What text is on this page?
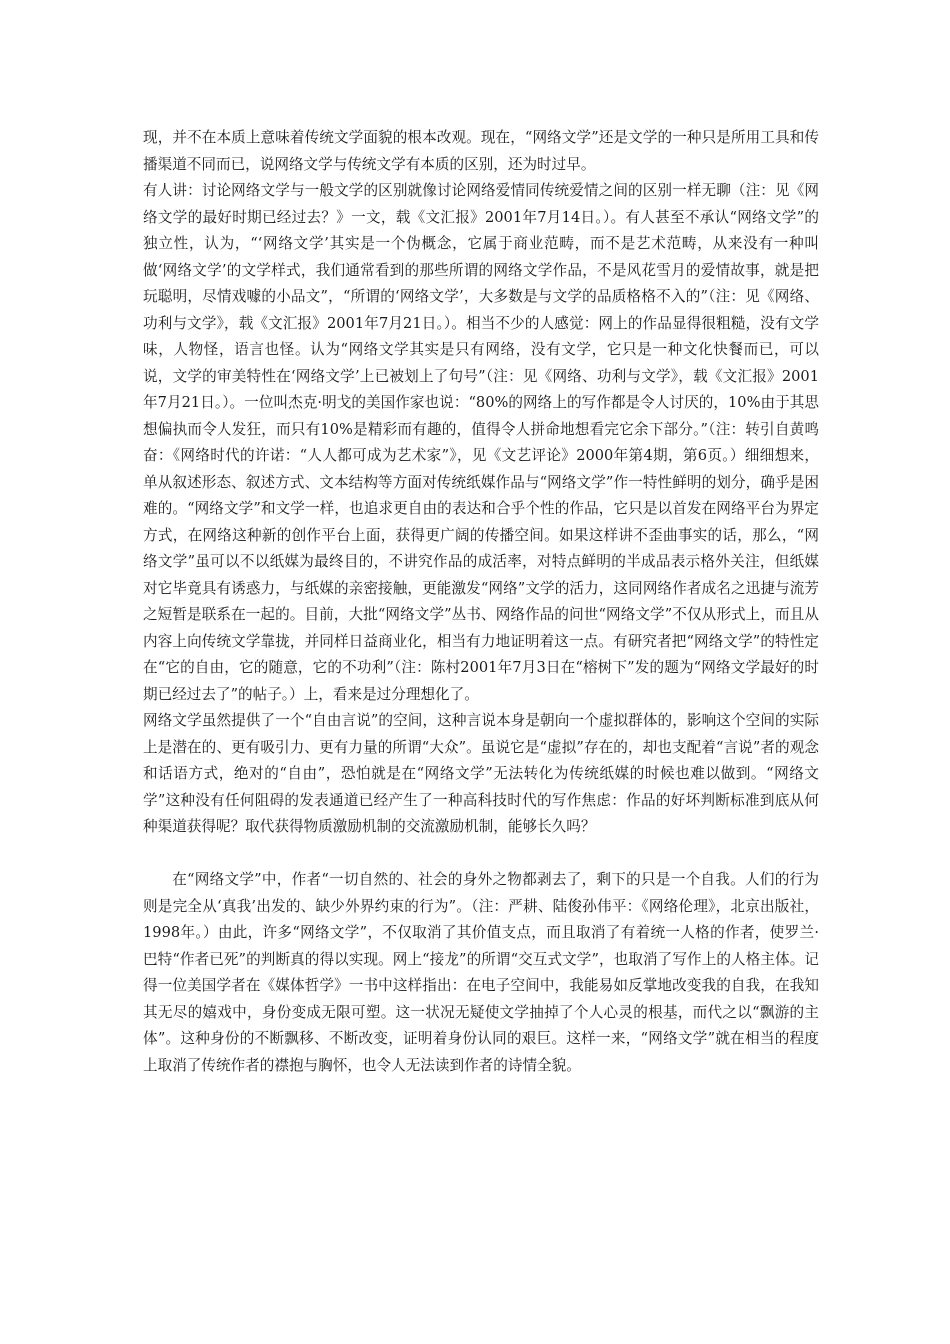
现，并不在本质上意味着传统文学面貌的根本改观。现在，“网络文学”还是文学的一种只是所用工具和传播渠道不同而已，说网络文学与传统文学有本质的区别，还为时过早。

有人讲：讨论网络文学与一般文学的区别就像讨论网络爱情同传统爱情之间的区别一样无聊（注：见《网络文学的最好时期已经过去？》一文，载《文汇报》2001年7月14日。）。有人甚至不承认“网络文学”的独立性，认为，“‘网络文学’其实是一个伪概念，它属于商业范畴，而不是艺术范畴，从来没有一种叫做‘网络文学’的文学样式，我们通常看到的那些所谓的网络文学作品，不是风花雪月的爱情故事，就是把玩聪明，尽情戏噱的小品文”，“所谓的‘网络文学’，大多数是与文学的品质格格不入的”（注：见《网络、功利与文学》，载《文汇报》2001年7月21日。）。相当不少的人感觉：网上的作品显得很粗糙，没有文学味，人物怪，语言也怪。认为“网络文学其实是只有网络，没有文学，它只是一种文化快餐而已，可以说，文学的审美特性在‘网络文学’上已被划上了句号”（注：见《网络、功利与文学》，载《文汇报》2001年7月21日。）。一位叫杰克·明戈的美国作家也说：“80%的网络上的写作都是令人讨厌的，10%由于其思想偏执而令人发狂，而只有10%是精彩而有趣的，值得令人拼命地想看完它余下部分。”（注：转引自黄鸣奋：《网络时代的许诺：“人人都可成为艺术家”》，见《文艺评论》2000年第4期，第6页。）细细想来，单从叙述形态、叙述方式、文本结构等方面对传统纸媒作品与“网络文学”作一特性鲜明的划分，确乎是困难的。“网络文学”和文学一样，也追求更自由的表达和合乎个性的作品，它只是以首发在网络平台为界定方式，在网络这种新的创作平台上面，获得更广阔的传播空间。如果这样讲不歪曲事实的话，那么，“网络文学”虽可以不以纸媒为最终目的，不讲究作品的成活率，对特点鲜明的半成品表示格外关注，但纸媒对它毕竟具有诱惑力，与纸媒的亲密接触，更能激发“网络”文学的活力，这同网络作者成名之迅捷与流芳之短暂是联系在一起的。目前，大批“网络文学”丛书、网络作品的问世“网络文学”不仅从形式上，而且从内容上向传统文学靠拢，并同样日益商业化，相当有力地证明着这一点。有研究者把“网络文学”的特性定在“它的自由，它的随意，它的不功利”（注：陈村2001年7月3日在“榕树下”发的题为“网络文学最好的时期已经过去了”的帖子。）上，看来是过分理想化了。

网络文学虽然提供了一个“自由言说”的空间，这种言说本身是朝向一个虚拟群体的，影响这个空间的实际上是潜在的、更有吸引力、更有力量的所谓“大众”。虽说它是“虚拟”存在的，却也支配着“言说”者的观念和话语方式，绝对的“自由”，恐怕就是在“网络文学”无法转化为传统纸媒的时候也难以做到。“网络文学”这种没有任何阻碍的发表通道已经产生了一种高科技时代的写作焦虑：作品的好坏判断标准到底从何种渠道获得呢？取代获得物质激励机制的交流激励机制，能够长久吗？

在“网络文学”中，作者“一切自然的、社会的身外之物都剥去了，剩下的只是一个自我。人们的行为则是完全从‘真我’出发的、缺少外界约束的行为”。（注：严耕、陆俊孙伟平：《网络伦理》，北京出版社，1998年。）由此，许多“网络文学”，不仅取消了其价值支点，而且取消了有着统一人格的作者，使罗兰·巴特“作者已死”的判断真的得以实现。网上“接龙”的所谓“交互式文学”，也取消了写作上的人格主体。记得一位美国学者在《媒体哲学》一书中这样指出：在电子空间中，我能易如反掌地改变我的自我，在我知其无尽的嬉戏中，身份变成无限可塑。这一状况无疑使文学抽掉了个人心灵的根基，而代之以“飘游的主体”。这种身份的不断飘移、不断改变，证明着身份认同的艰巨。这样一来，“网络文学”就在相当的程度上取消了传统作者的襟抱与胸怀，也令人无法读到作者的诗情全貌。
